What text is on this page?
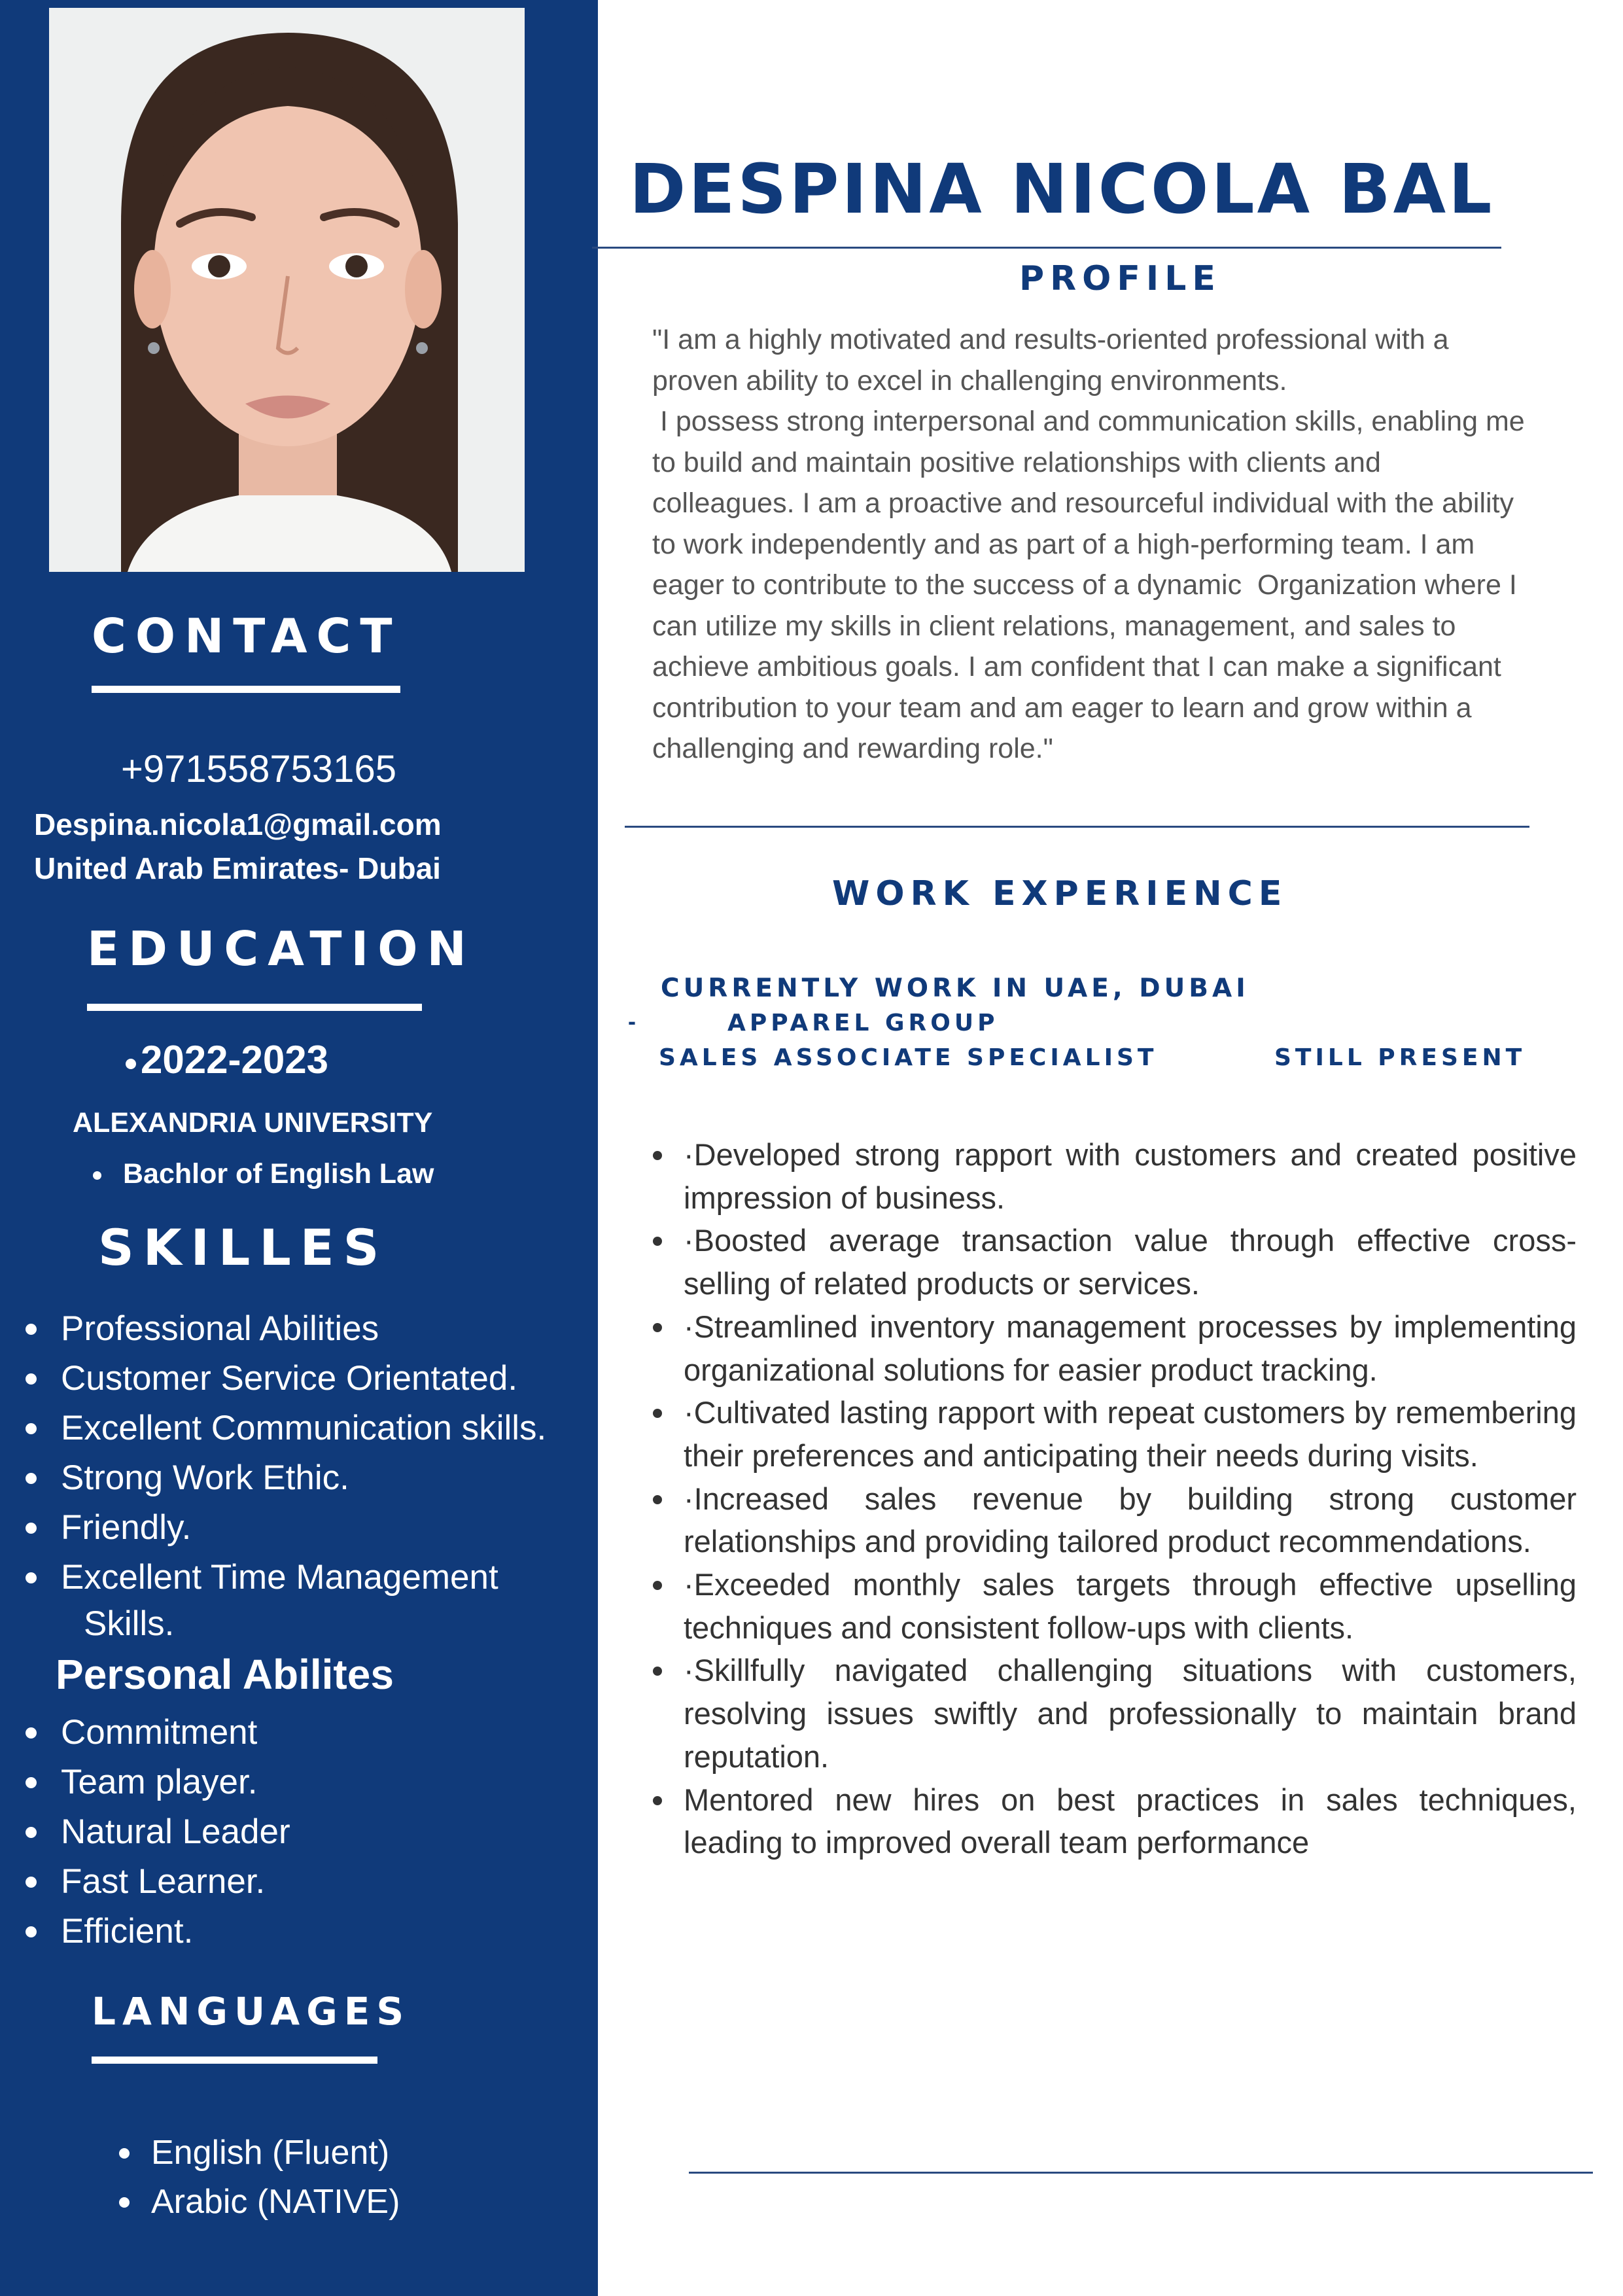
CONTACT
+971558753165
Despina.nicola1@gmail.com
United Arab Emirates- Dubai
EDUCATION
2022-2023
ALEXANDRIA UNIVERSITY
Bachlor of English Law
SKILLES
Professional Abilities
Customer Service Orientated.
Excellent Communication skills.
Strong Work Ethic.
Friendly.
Excellent Time Management
Skills.
Personal Abilites
Commitment
Team player.
Natural Leader
Fast Learner.
Efficient.
LANGUAGES
English (Fluent)
Arabic (NATIVE)
DESPINA NICOLA BAL
PROFILE

"I am a highly motivated and results-oriented professional with a
proven ability to excel in challenging environments.
I possess strong interpersonal and communication skills, enabling me
to build and maintain positive relationships with clients and
colleagues. I am a proactive and resourceful individual with the ability
to work independently and as part of a high-performing team. I am
eager to contribute to the success of a dynamic  Organization where I
can utilize my skills in client relations, management, and sales to
achieve ambitious goals. I am confident that I can make a significant
contribution to your team and am eager to learn and grow within a
challenging and rewarding role."

WORK EXPERIENCE
CURRENTLY WORK IN UAE, DUBAI
-	APPAREL GROUP
SALES ASSOCIATE SPECIALIST	STILL PRESENT
·Developed strong rapport with customers and created positive impression of business.
·Boosted average transaction value through effective cross-selling of related products or services.
·Streamlined inventory management processes by implementing organizational solutions for easier product tracking.
·Cultivated lasting rapport with repeat customers by remembering their preferences and anticipating their needs during visits.
·Increased sales revenue by building strong customer relationships and providing tailored product recommendations.
·Exceeded monthly sales targets through effective upselling techniques and consistent follow-ups with clients.
·Skillfully navigated challenging situations with customers, resolving issues swiftly and professionally to maintain brand reputation.
Mentored new hires on best practices in sales techniques, leading to improved overall team performance
